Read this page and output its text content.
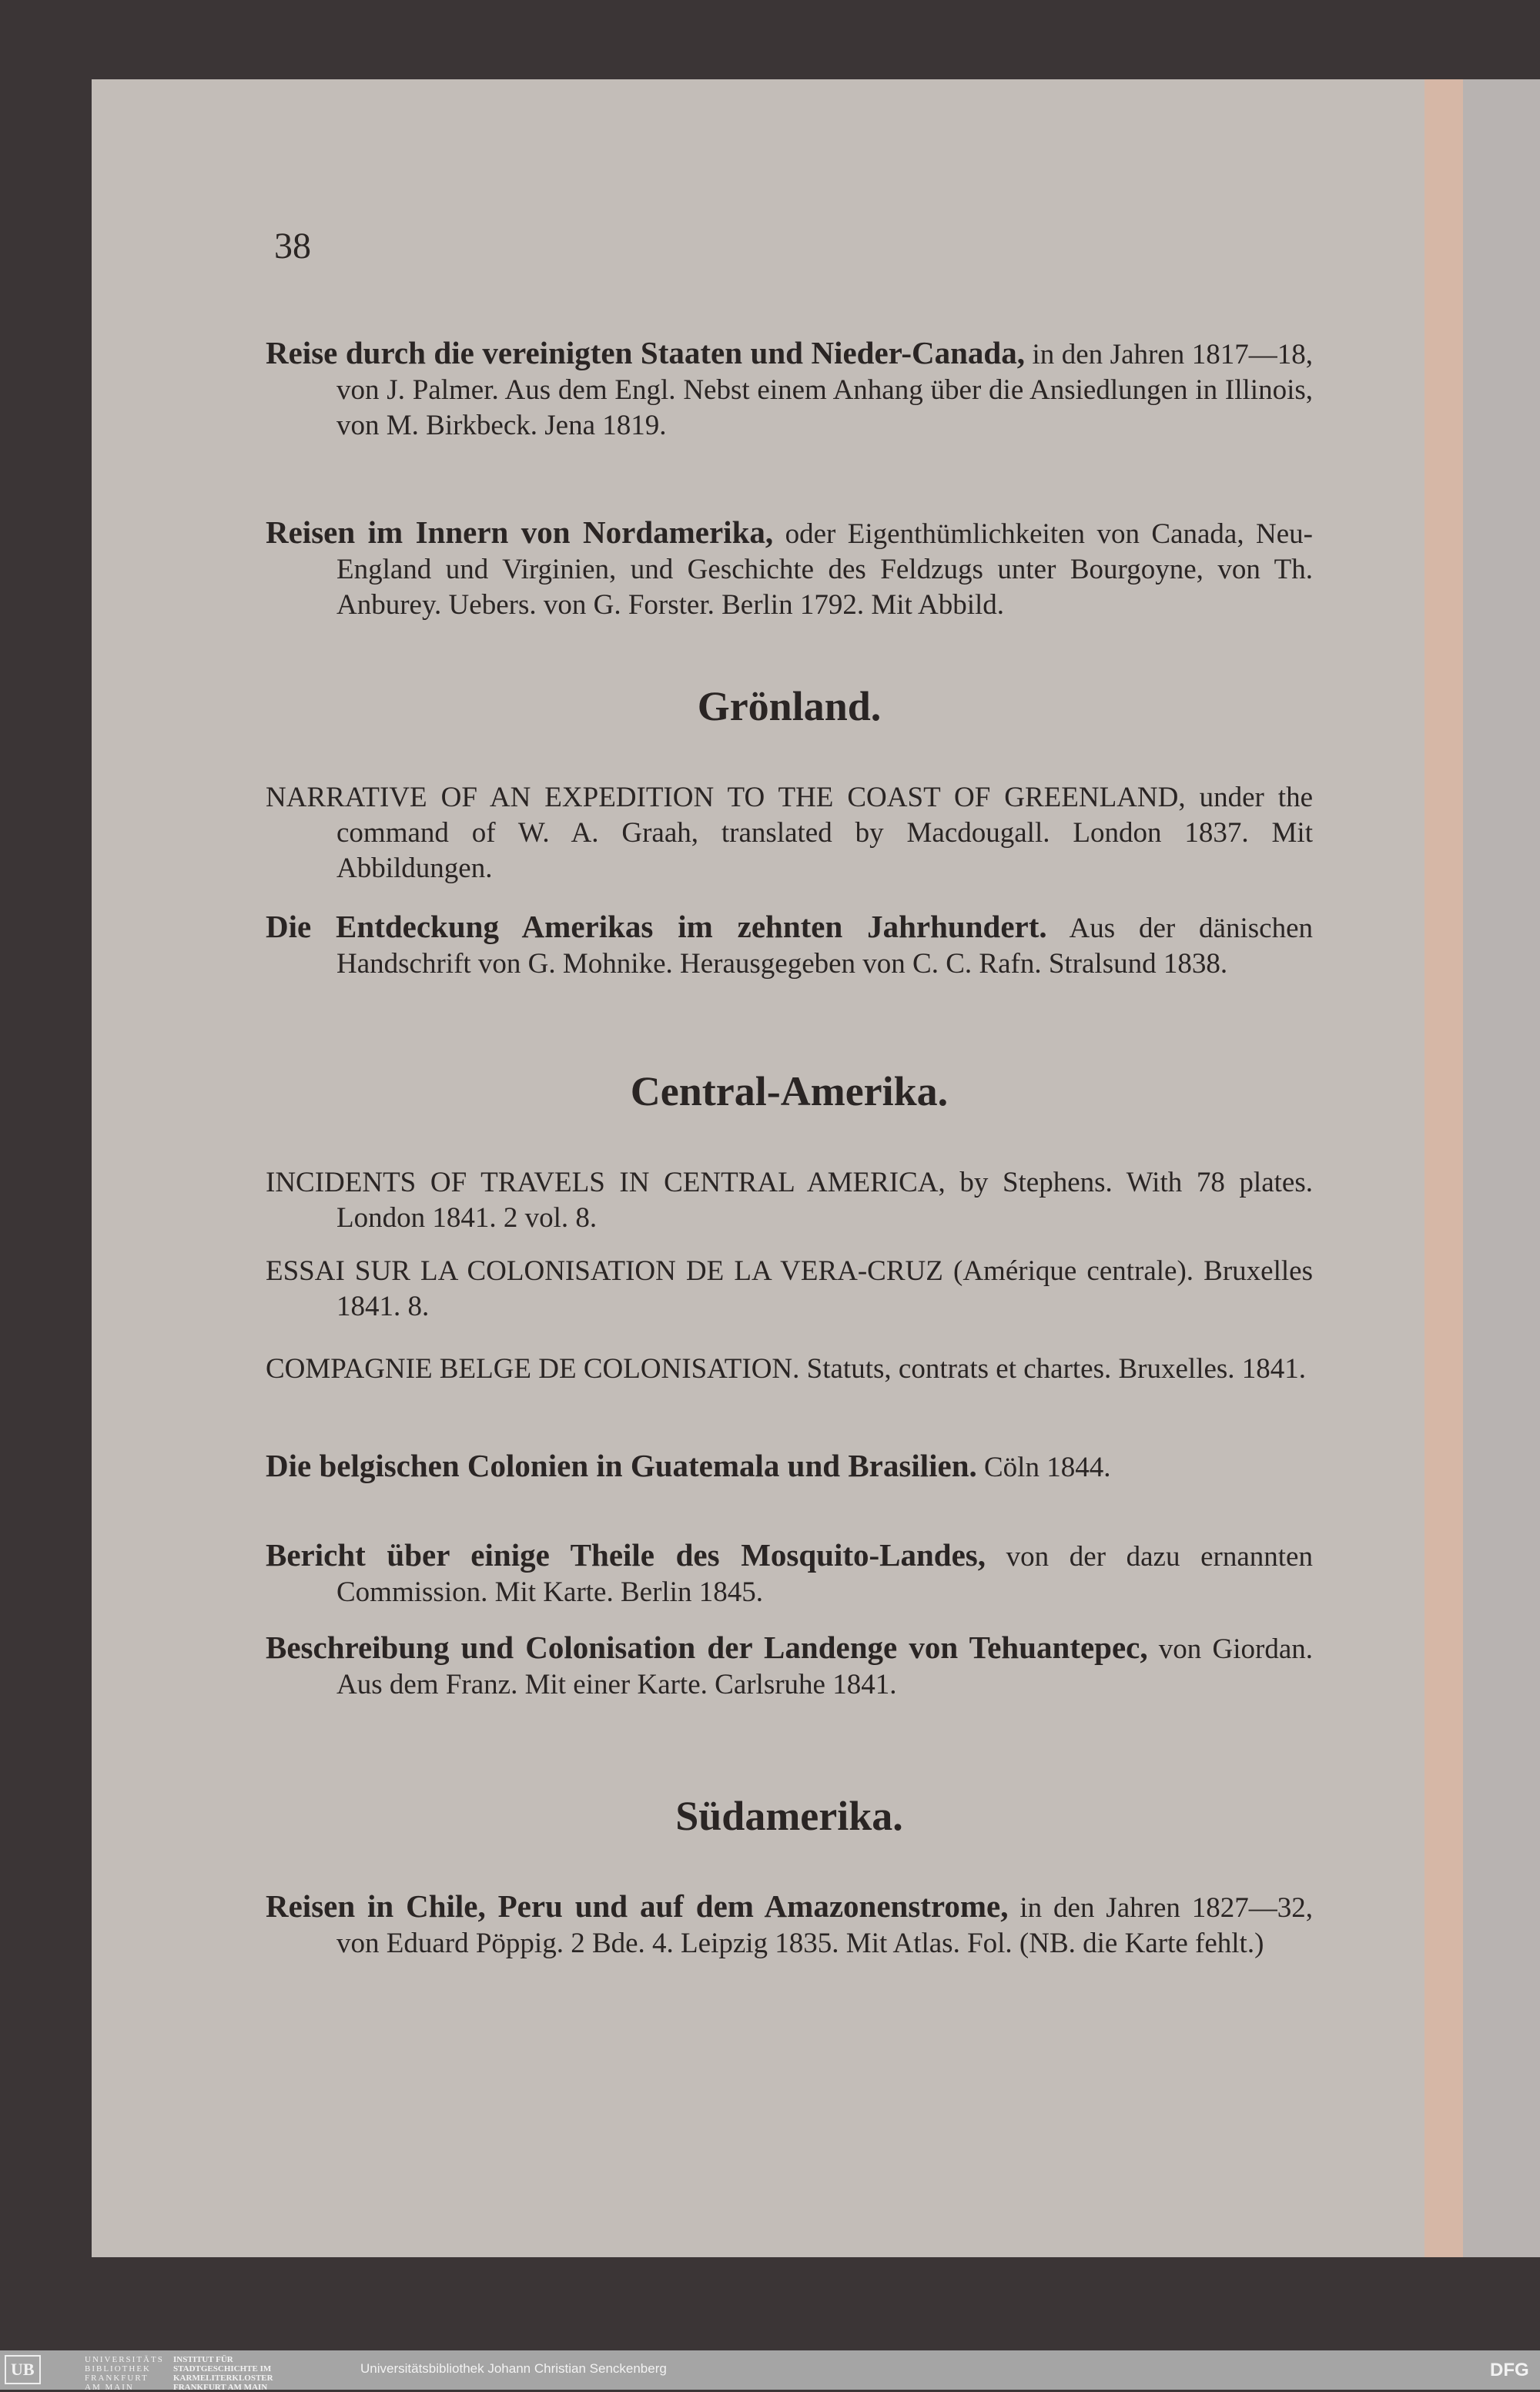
38
Reise durch die vereinigten Staaten und Nieder-Canada, in den Jahren 1817—18, von J. Palmer. Aus dem Engl. Nebst einem Anhang über die Ansiedlungen in Illinois, von M. Birkbeck. Jena 1819.
Reisen im Innern von Nordamerika, oder Eigenthümlichkeiten von Canada, Neu-England und Virginien, und Geschichte des Feldzugs unter Bourgoyne, von Th. Anburey. Uebers. von G. Forster. Berlin 1792. Mit Abbild.
Grönland.
NARRATIVE OF AN EXPEDITION TO THE COAST OF GREENLAND, under the command of W. A. Graah, translated by Macdougall. London 1837. Mit Abbildungen.
Die Entdeckung Amerikas im zehnten Jahrhundert. Aus der dänischen Handschrift von G. Mohnike. Herausgegeben von C. C. Rafn. Stralsund 1838.
Central-Amerika.
INCIDENTS OF TRAVELS IN CENTRAL AMERICA, by Stephens. With 78 plates. London 1841. 2 vol. 8.
ESSAI SUR LA COLONISATION DE LA VERA-CRUZ (Amérique centrale). Bruxelles 1841. 8.
COMPAGNIE BELGE DE COLONISATION. Statuts, contrats et chartes. Bruxelles. 1841.
Die belgischen Colonien in Guatemala und Brasilien. Cöln 1844.
Bericht über einige Theile des Mosquito-Landes, von der dazu ernannten Commission. Mit Karte. Berlin 1845.
Beschreibung und Colonisation der Landenge von Tehuantepec, von Giordan. Aus dem Franz. Mit einer Karte. Carlsruhe 1841.
Südamerika.
Reisen in Chile, Peru und auf dem Amazonenstrome, in den Jahren 1827—32, von Eduard Pöppig. 2 Bde. 4. Leipzig 1835. Mit Atlas. Fol. (NB. die Karte fehlt.)
UB	UNIVERSITÄTS BIBLIOTHEK FRANKFURT AM MAIN
INSTITUT FÜR STADTGESCHICHTE IM KARMELITERKLOSTER FRANKFURT AM MAIN
Universitätsbibliothek Johann Christian Senckenberg	DFG
